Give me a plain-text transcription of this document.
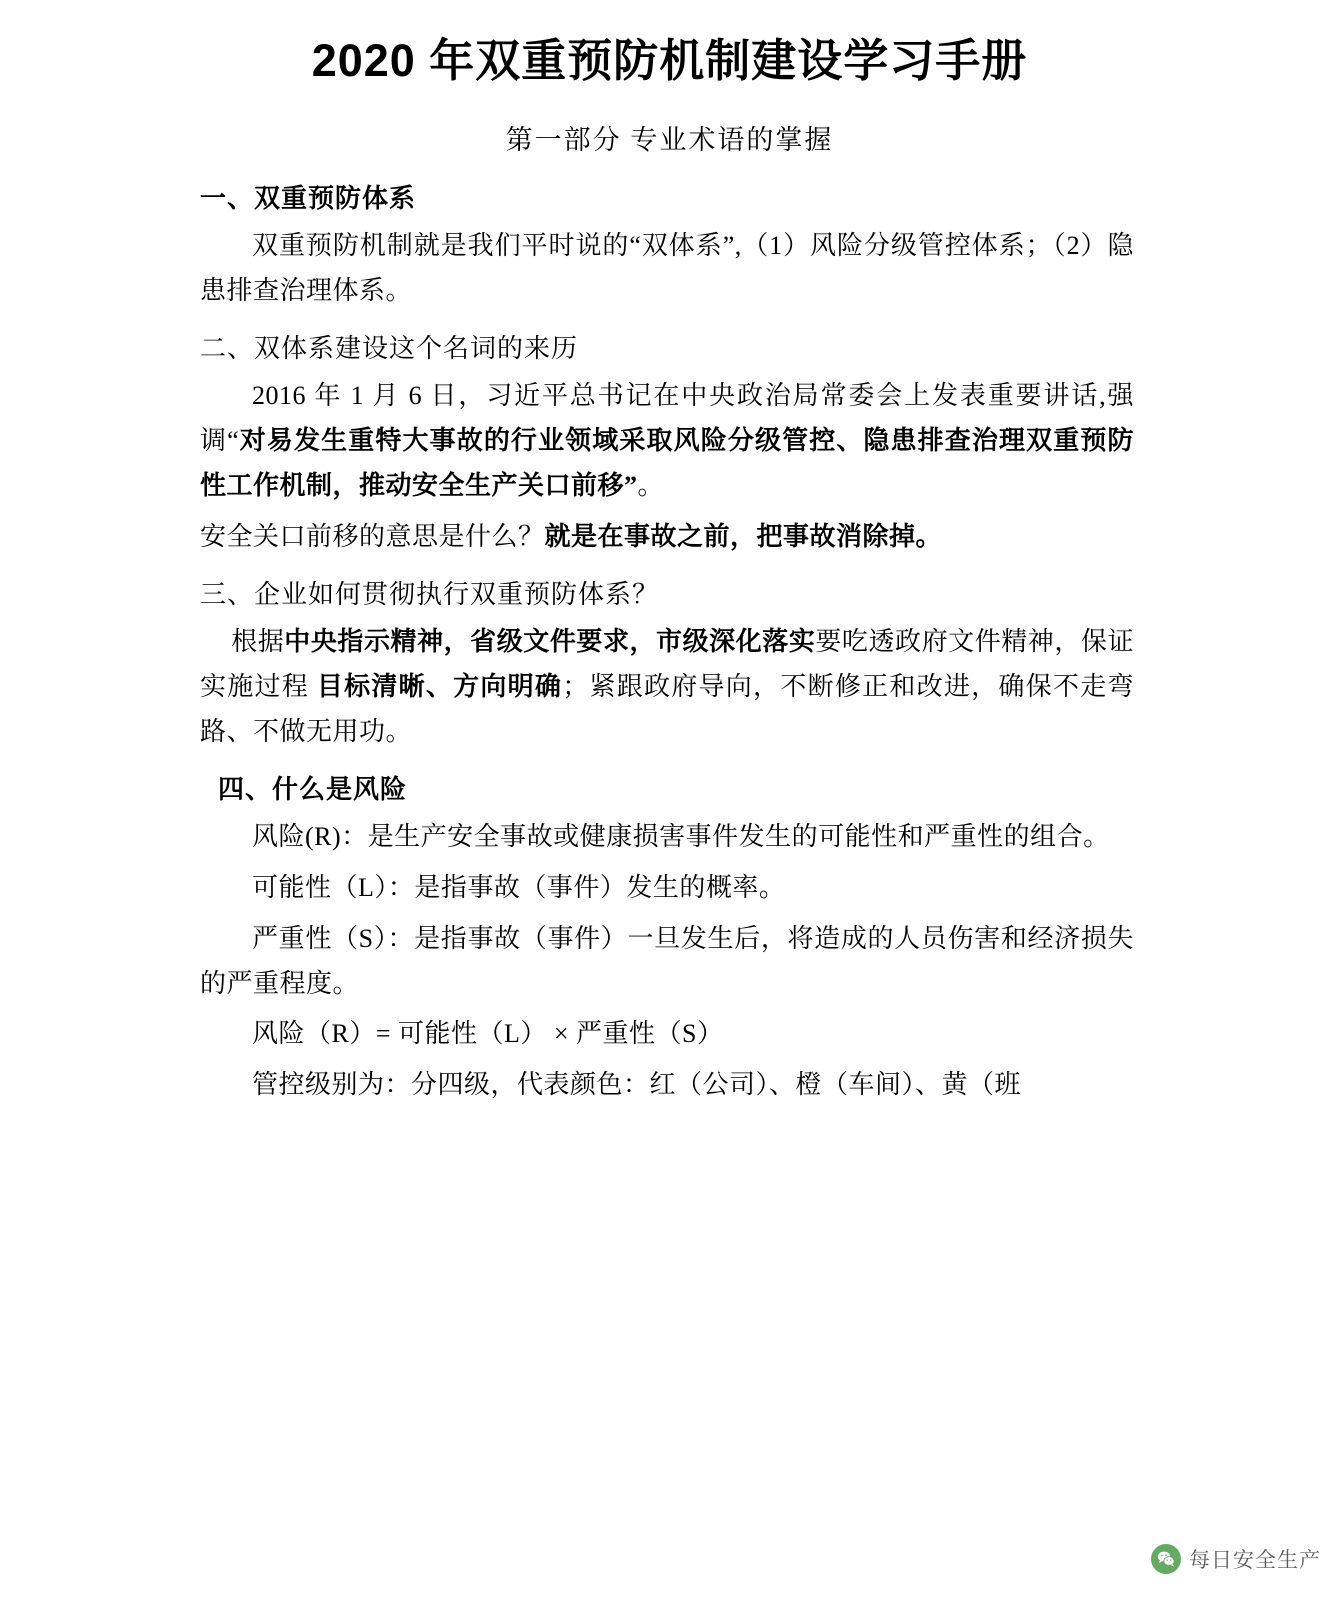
2020 年双重预防机制建设学习手册
第一部分 专业术语的掌握
一、双重预防体系

双重预防机制就是我们平时说的“双体系”,（1）风险分级管控体系；（2）隐患排查治理体系。

二、双体系建设这个名词的来历

2016 年 1 月 6 日，习近平总书记在中央政治局常委会上发表重要讲话,强调“对易发生重特大事故的行业领域采取风险分级管控、隐患排查治理双重预防性工作机制，推动安全生产关口前移”。

安全关口前移的意思是什么？就是在事故之前，把事故消除掉。

三、企业如何贯彻执行双重预防体系？

根据中央指示精神，省级文件要求，市级深化落实要吃透政府文件精神，保证实施过程 目标清晰、方向明确；紧跟政府导向，不断修正和改进，确保不走弯路、不做无用功。

四、什么是风险

风险(R)：是生产安全事故或健康损害事件发生的可能性和严重性的组合。

可能性（L）：是指事故（事件）发生的概率。

严重性（S）：是指事故（事件）一旦发生后，将造成的人员伤害和经济损失的严重程度。

风险（R）= 可能性（L） × 严重性（S）

管控级别为：分四级，代表颜色：红（公司）、橙（车间）、黄（班

每日安全生产
